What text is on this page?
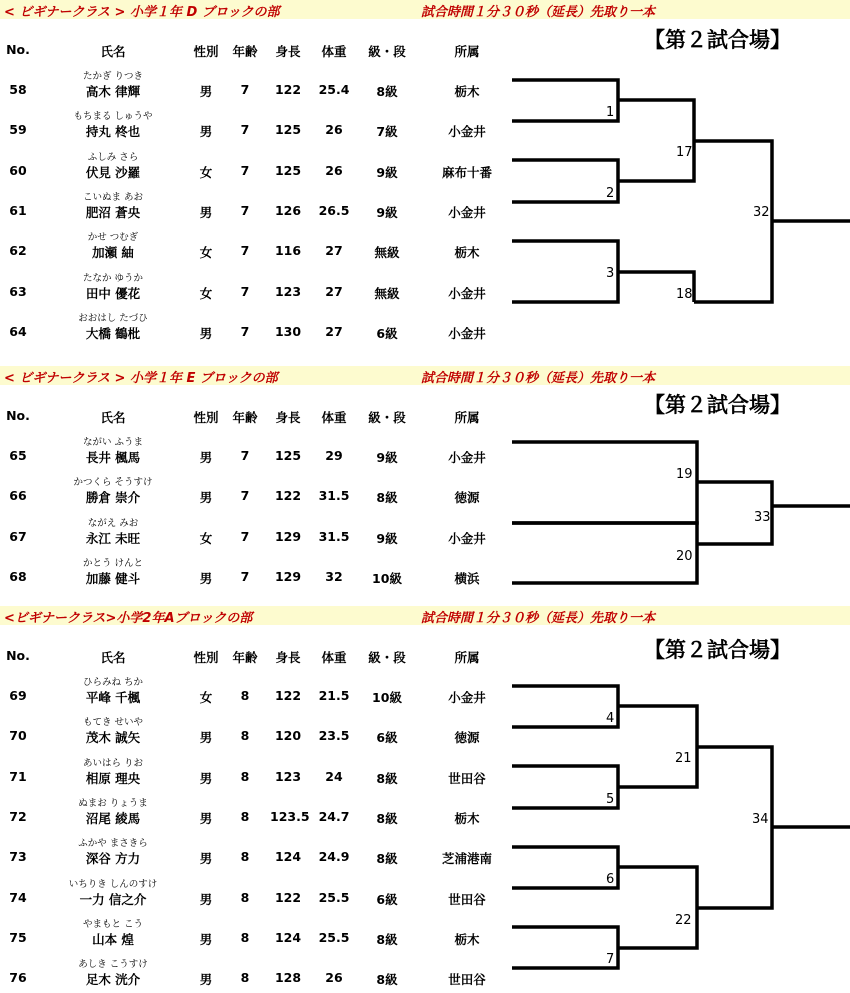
< ビギナークラス > 小学１年 D ブロックの部	試合時間１分３０秒（延長）先取り一本
【第２試合場】
No.	氏名	性別 年齢	身長	体重	級・段	所属
たかぎ りつき
58	高木 律輝	男	7	122	25.4	8級	栃木
もちまる しゅうや
59	持丸 柊也	男	7	125	26	7級	小金井
ふしみ さら
60	伏見 沙羅	女	7	125	26	9級	麻布十番
こいぬま あお
61	肥沼 蒼央	男	7	126	26.5	9級	小金井
かせ つむぎ
62	加瀬 紬	女	7	116	27	無級	栃木
たなか ゆうか
63	田中 優花	女	7	123	27	無級	小金井
おおはし たづひ
64	大橋 鶴枇	男	7	130	27	6級	小金井
1
2
3
17
18
32
< ビギナークラス > 小学１年 E ブロックの部	試合時間１分３０秒（延長）先取り一本
【第２試合場】
No.	氏名	性別 年齢	身長	体重	級・段	所属
ながい ふうま
65	長井 楓馬	男	7	125	29	9級	小金井
かつくら そうすけ
66	勝倉 崇介	男	7	122	31.5	8級	徳源
ながえ みお
67	永江 未旺	女	7	129	31.5	9級	小金井
かとう けんと
68	加藤 健斗	男	7	129	32	10級	横浜
19
20
33
<ビギナークラス>小学2年Aブロックの部	試合時間１分３０秒（延長）先取り一本
【第２試合場】
No.	氏名	性別 年齢	身長	体重	級・段	所属
ひらみね ちか
69	平峰 千楓	女	8	122	21.5	10級	小金井
もてき せいや
70	茂木 誠矢	男	8	120	23.5	6級	徳源
あいはら りお
71	相原 理央	男	8	123	24	8級	世田谷
ぬまお りょうま
72	沼尾 綾馬	男	8	123.5 24.7	8級	栃木
ふかや まさきら
73	深谷 方力	男	8	124	24.9	8級	芝浦港南
いちりき しんのすけ
74	一力 信之介	男	8	122	25.5	6級	世田谷
やまもと こう
75	山本 煌	男	8	124	25.5	8級	栃木
あしき こうすけ
76	足木 洸介	男	8	128	26	8級	世田谷
4
5
6
7
21
22
34
